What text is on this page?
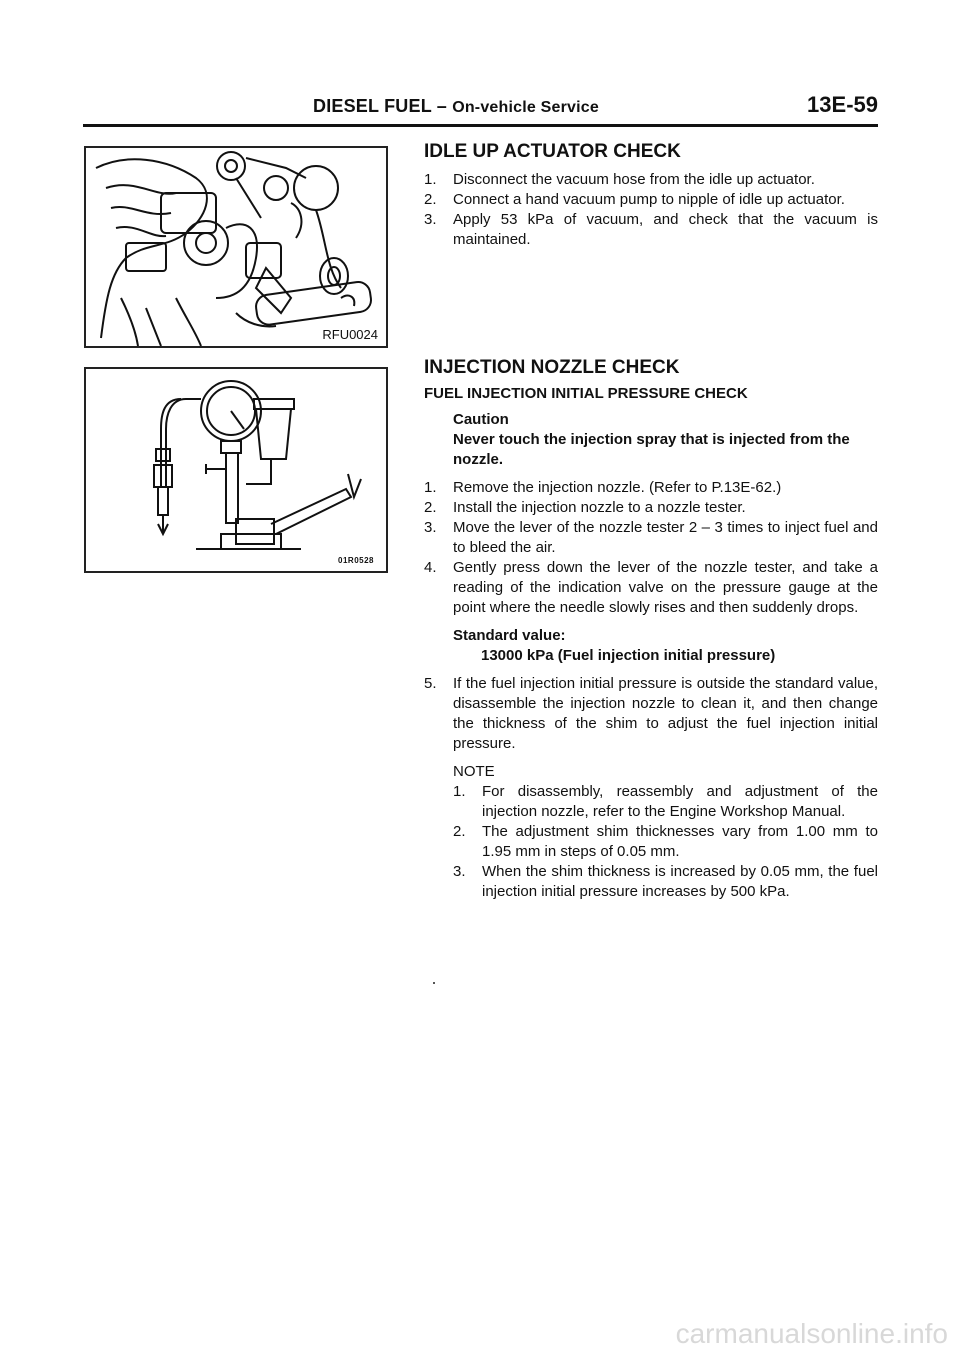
DIESEL FUEL – On-vehicle Service	13E-59
RFU0024
01R0528
IDLE UP ACTUATOR CHECK
1. Disconnect the vacuum hose from the idle up actuator.
2. Connect a hand vacuum pump to nipple of idle up actuator.
3. Apply 53 kPa of vacuum, and check that the vacuum is maintained.
INJECTION NOZZLE CHECK
FUEL INJECTION INITIAL PRESSURE CHECK
Caution
Never touch the injection spray that is injected from the nozzle.
1. Remove the injection nozzle. (Refer to P.13E-62.)
2. Install the injection nozzle to a nozzle tester.
3. Move the lever of the nozzle tester 2 – 3 times to inject fuel and to bleed the air.
4. Gently press down the lever of the nozzle tester, and take a reading of the indication valve on the pressure gauge at the point where the needle slowly rises and then suddenly drops.
Standard value:
13000 kPa (Fuel injection initial pressure)
5. If the fuel injection initial pressure is outside the standard value, disassemble the injection nozzle to clean it, and then change the thickness of the shim to adjust the fuel injection initial pressure.
NOTE
1. For disassembly, reassembly and adjustment of the injection nozzle, refer to the Engine Workshop Manual.
2. The adjustment shim thicknesses vary from 1.00 mm to 1.95 mm in steps of 0.05 mm.
3. When the shim thickness is increased by 0.05 mm, the fuel injection initial pressure increases by 500 kPa.
carmanualsonline.info
